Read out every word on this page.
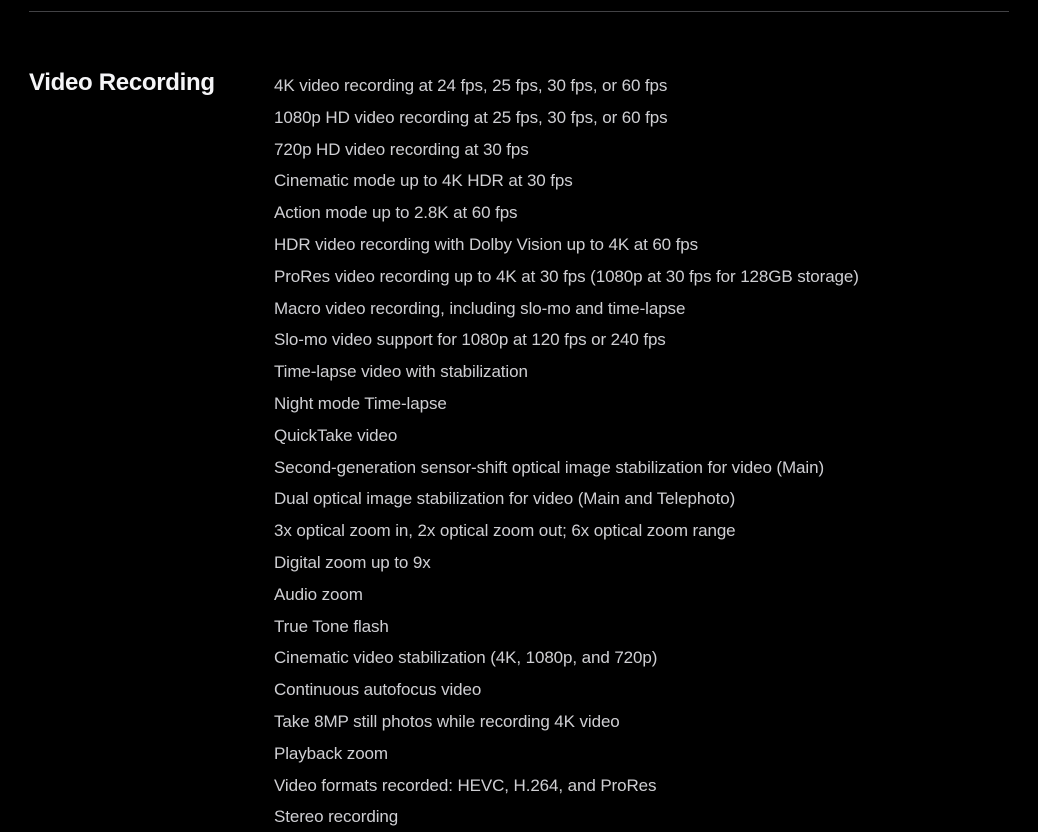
Video Recording	4K video recording at 24 fps, 25 fps, 30 fps, or 60 fps
1080p HD video recording at 25 fps, 30 fps, or 60 fps
720p HD video recording at 30 fps
Cinematic mode up to 4K HDR at 30 fps
Action mode up to 2.8K at 60 fps
HDR video recording with Dolby Vision up to 4K at 60 fps
ProRes video recording up to 4K at 30 fps (1080p at 30 fps for 128GB storage)
Macro video recording, including slo-mo and time-lapse
Slo-mo video support for 1080p at 120 fps or 240 fps
Time-lapse video with stabilization
Night mode Time-lapse
QuickTake video
Second-generation sensor-shift optical image stabilization for video (Main)
Dual optical image stabilization for video (Main and Telephoto)
3x optical zoom in, 2x optical zoom out; 6x optical zoom range
Digital zoom up to 9x
Audio zoom
True Tone flash
Cinematic video stabilization (4K, 1080p, and 720p)
Continuous autofocus video
Take 8MP still photos while recording 4K video
Playback zoom
Video formats recorded: HEVC, H.264, and ProRes
Stereo recording
